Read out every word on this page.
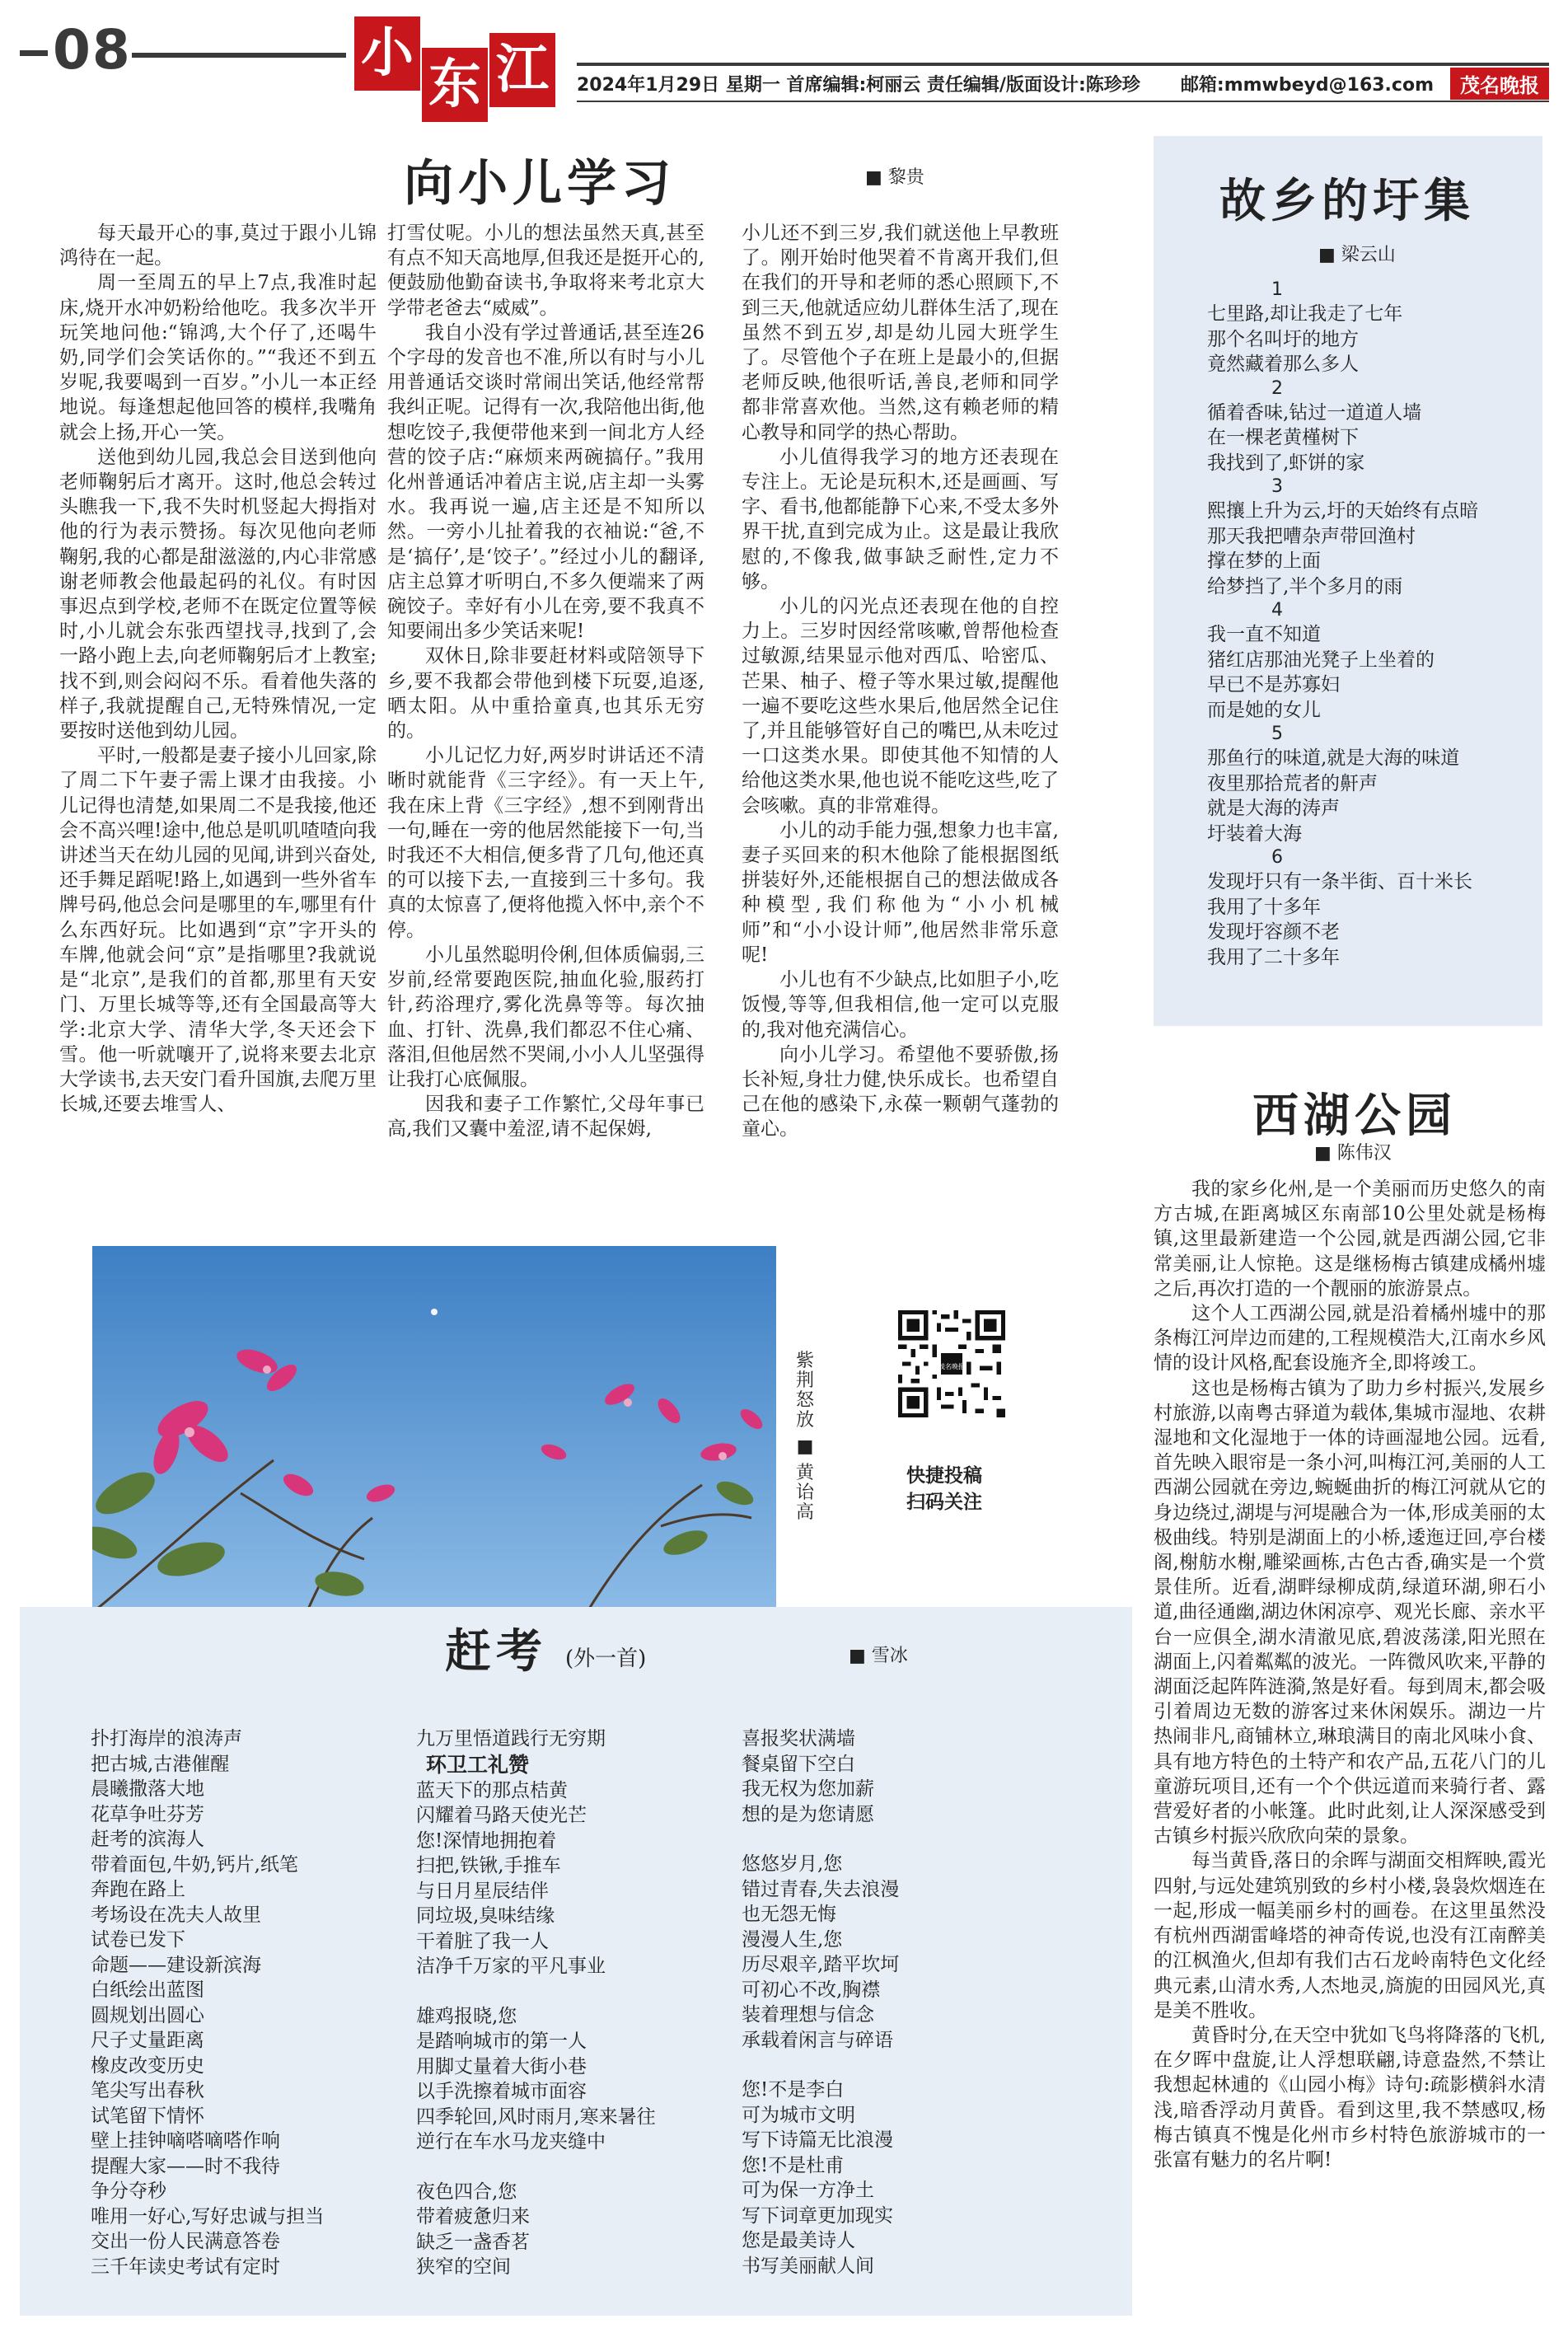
08	小
东 江	2024年1月29日 星期一 首席编辑:柯丽云 责任编辑/版面设计:陈珍珍	邮箱:mmwbeyd@163.com	茂名晚报
向小儿学习	■ 黎贵

每天最开心的事,莫过于跟小儿锦鸿待在一起。

周一至周五的早上7点,我准时起床,烧开水冲奶粉给他吃。我多次半开玩笑地问他:“锦鸿,大个仔了,还喝牛奶,同学们会笑话你的。”“我还不到五岁呢,我要喝到一百岁。”小儿一本正经地说。每逢想起他回答的模样,我嘴角就会上扬,开心一笑。

送他到幼儿园,我总会目送到他向老师鞠躬后才离开。这时,他总会转过头瞧我一下,我不失时机竖起大拇指对他的行为表示赞扬。每次见他向老师鞠躬,我的心都是甜滋滋的,内心非常感谢老师教会他最起码的礼仪。有时因事迟点到学校,老师不在既定位置等候时,小儿就会东张西望找寻,找到了,会一路小跑上去,向老师鞠躬后才上教室;找不到,则会闷闷不乐。看着他失落的样子,我就提醒自己,无特殊情况,一定要按时送他到幼儿园。

平时,一般都是妻子接小儿回家,除了周二下午妻子需上课才由我接。小儿记得也清楚,如果周二不是我接,他还会不高兴哩!途中,他总是叽叽喳喳向我讲述当天在幼儿园的见闻,讲到兴奋处,还手舞足蹈呢!路上,如遇到一些外省车牌号码,他总会问是哪里的车,哪里有什么东西好玩。比如遇到“京”字开头的车牌,他就会问“京”是指哪里?我就说是“北京”,是我们的首都,那里有天安门、万里长城等等,还有全国最高等大学:北京大学、清华大学,冬天还会下雪。他一听就嚷开了,说将来要去北京大学读书,去天安门看升国旗,去爬万里长城,还要去堆雪人、

打雪仗呢。小儿的想法虽然天真,甚至有点不知天高地厚,但我还是挺开心的,便鼓励他勤奋读书,争取将来考北京大学带老爸去“威威”。

我自小没有学过普通话,甚至连26个字母的发音也不准,所以有时与小儿用普通话交谈时常闹出笑话,他经常帮我纠正呢。记得有一次,我陪他出街,他想吃饺子,我便带他来到一间北方人经营的饺子店:“麻烦来两碗搞仔。”我用化州普通话冲着店主说,店主却一头雾水。我再说一遍,店主还是不知所以然。一旁小儿扯着我的衣袖说:“爸,不是‘搞仔’,是‘饺子’。”经过小儿的翻译,店主总算才听明白,不多久便端来了两碗饺子。幸好有小儿在旁,要不我真不知要闹出多少笑话来呢!

双休日,除非要赶材料或陪领导下乡,要不我都会带他到楼下玩耍,追逐,晒太阳。从中重拾童真,也其乐无穷的。

小儿记忆力好,两岁时讲话还不清晰时就能背《三字经》。有一天上午,我在床上背《三字经》,想不到刚背出一句,睡在一旁的他居然能接下一句,当时我还不大相信,便多背了几句,他还真的可以接下去,一直接到三十多句。我真的太惊喜了,便将他揽入怀中,亲个不停。

小儿虽然聪明伶俐,但体质偏弱,三岁前,经常要跑医院,抽血化验,服药打针,药浴理疗,雾化洗鼻等等。每次抽血、打针、洗鼻,我们都忍不住心痛、落泪,但他居然不哭闹,小小人儿坚强得让我打心底佩服。

因我和妻子工作繁忙,父母年事已高,我们又囊中羞涩,请不起保姆,

小儿还不到三岁,我们就送他上早教班了。刚开始时他哭着不肯离开我们,但在我们的开导和老师的悉心照顾下,不到三天,他就适应幼儿群体生活了,现在虽然不到五岁,却是幼儿园大班学生了。尽管他个子在班上是最小的,但据老师反映,他很听话,善良,老师和同学都非常喜欢他。当然,这有赖老师的精心教导和同学的热心帮助。

小儿值得我学习的地方还表现在专注上。无论是玩积木,还是画画、写字、看书,他都能静下心来,不受太多外界干扰,直到完成为止。这是最让我欣慰的,不像我,做事缺乏耐性,定力不够。

小儿的闪光点还表现在他的自控力上。三岁时因经常咳嗽,曾帮他检查过敏源,结果显示他对西瓜、哈密瓜、芒果、柚子、橙子等水果过敏,提醒他一遍不要吃这些水果后,他居然全记住了,并且能够管好自己的嘴巴,从未吃过一口这类水果。即使其他不知情的人给他这类水果,他也说不能吃这些,吃了会咳嗽。真的非常难得。

小儿的动手能力强,想象力也丰富,妻子买回来的积木他除了能根据图纸拼装好外,还能根据自己的想法做成各种模型,我们称他为“小小机械师”和“小小设计师”,他居然非常乐意呢!

小儿也有不少缺点,比如胆子小,吃饭慢,等等,但我相信,他一定可以克服的,我对他充满信心。

向小儿学习。希望他不要骄傲,扬长补短,身壮力健,快乐成长。也希望自己在他的感染下,永葆一颗朝气蓬勃的童心。

故乡的圩集
■ 梁云山
1
七里路,却让我走了七年
那个名叫圩的地方
竟然藏着那么多人
2
循着香味,钻过一道道人墙
在一棵老黄槿树下
我找到了,虾饼的家
3
熙攘上升为云,圩的天始终有点暗
那天我把嘈杂声带回渔村
撑在梦的上面
给梦挡了,半个多月的雨
4
我一直不知道
猪红店那油光凳子上坐着的
早已不是苏寡妇
而是她的女儿
5
那鱼行的味道,就是大海的味道
夜里那拾荒者的鼾声
就是大海的涛声
圩装着大海
6
发现圩只有一条半街、百十米长
我用了十多年
发现圩容颜不老
我用了二十多年
西湖公园
■ 陈伟汉

我的家乡化州,是一个美丽而历史悠久的南方古城,在距离城区东南部10公里处就是杨梅镇,这里最新建造一个公园,就是西湖公园,它非常美丽,让人惊艳。这是继杨梅古镇建成橘州墟之后,再次打造的一个靓丽的旅游景点。

这个人工西湖公园,就是沿着橘州墟中的那条梅江河岸边而建的,工程规模浩大,江南水乡风情的设计风格,配套设施齐全,即将竣工。

这也是杨梅古镇为了助力乡村振兴,发展乡村旅游,以南粤古驿道为载体,集城市湿地、农耕湿地和文化湿地于一体的诗画湿地公园。远看,首先映入眼帘是一条小河,叫梅江河,美丽的人工西湖公园就在旁边,蜿蜒曲折的梅江河就从它的身边绕过,湖堤与河堤融合为一体,形成美丽的太极曲线。特别是湖面上的小桥,逶迤迂回,亭台楼阁,榭舫水榭,雕梁画栋,古色古香,确实是一个赏景佳所。近看,湖畔绿柳成荫,绿道环湖,卵石小道,曲径通幽,湖边休闲凉亭、观光长廊、亲水平台一应俱全,湖水清澈见底,碧波荡漾,阳光照在湖面上,闪着粼粼的波光。一阵微风吹来,平静的湖面泛起阵阵涟漪,煞是好看。每到周末,都会吸引着周边无数的游客过来休闲娱乐。湖边一片热闹非凡,商铺林立,琳琅满目的南北风味小食、具有地方特色的土特产和农产品,五花八门的儿童游玩项目,还有一个个供远道而来骑行者、露营爱好者的小帐篷。此时此刻,让人深深感受到古镇乡村振兴欣欣向荣的景象。

每当黄昏,落日的余晖与湖面交相辉映,霞光四射,与远处建筑别致的乡村小楼,袅袅炊烟连在一起,形成一幅美丽乡村的画卷。在这里虽然没有杭州西湖雷峰塔的神奇传说,也没有江南醉美的江枫渔火,但却有我们古石龙岭南特色文化经典元素,山清水秀,人杰地灵,旖旎的田园风光,真是美不胜收。

黄昏时分,在天空中犹如飞鸟将降落的飞机,在夕晖中盘旋,让人浮想联翩,诗意盎然,不禁让我想起林逋的《山园小梅》诗句:疏影横斜水清浅,暗香浮动月黄昏。看到这里,我不禁感叹,杨梅古镇真不愧是化州市乡村特色旅游城市的一张富有魅力的名片啊!

紫荆怒放
■
黄诒高
茂名晚报
快捷投稿
扫码关注
赶考 (外一首)	■ 雪冰
扑打海岸的浪涛声
把古城,古港催醒
晨曦撒落大地
花草争吐芬芳
赶考的滨海人
带着面包,牛奶,钙片,纸笔
奔跑在路上
考场设在冼夫人故里
试卷已发下
命题——建设新滨海
白纸绘出蓝图
圆规划出圆心
尺子丈量距离
橡皮改变历史
笔尖写出春秋
试笔留下情怀
壁上挂钟嘀嗒嘀嗒作响
提醒大家——时不我待
争分夺秒
唯用一好心,写好忠诚与担当
交出一份人民满意答卷
三千年读史考试有定时
九万里悟道践行无穷期
环卫工礼赞
蓝天下的那点桔黄
闪耀着马路天使光芒
您!深情地拥抱着
扫把,铁锹,手推车
与日月星辰结伴
同垃圾,臭味结缘
干着脏了我一人
洁净千万家的平凡事业
雄鸡报晓,您
是踏响城市的第一人
用脚丈量着大街小巷
以手洗擦着城市面容
四季轮回,风时雨月,寒来暑往
逆行在车水马龙夹缝中
夜色四合,您
带着疲惫归来
缺乏一盏香茗
狭窄的空间
喜报奖状满墙
餐桌留下空白
我无权为您加薪
想的是为您请愿
悠悠岁月,您
错过青春,失去浪漫
也无怨无悔
漫漫人生,您
历尽艰辛,踏平坎坷
可初心不改,胸襟
装着理想与信念
承载着闲言与碎语
您!不是李白
可为城市文明
写下诗篇无比浪漫
您!不是杜甫
可为保一方净土
写下词章更加现实
您是最美诗人
书写美丽献人间
